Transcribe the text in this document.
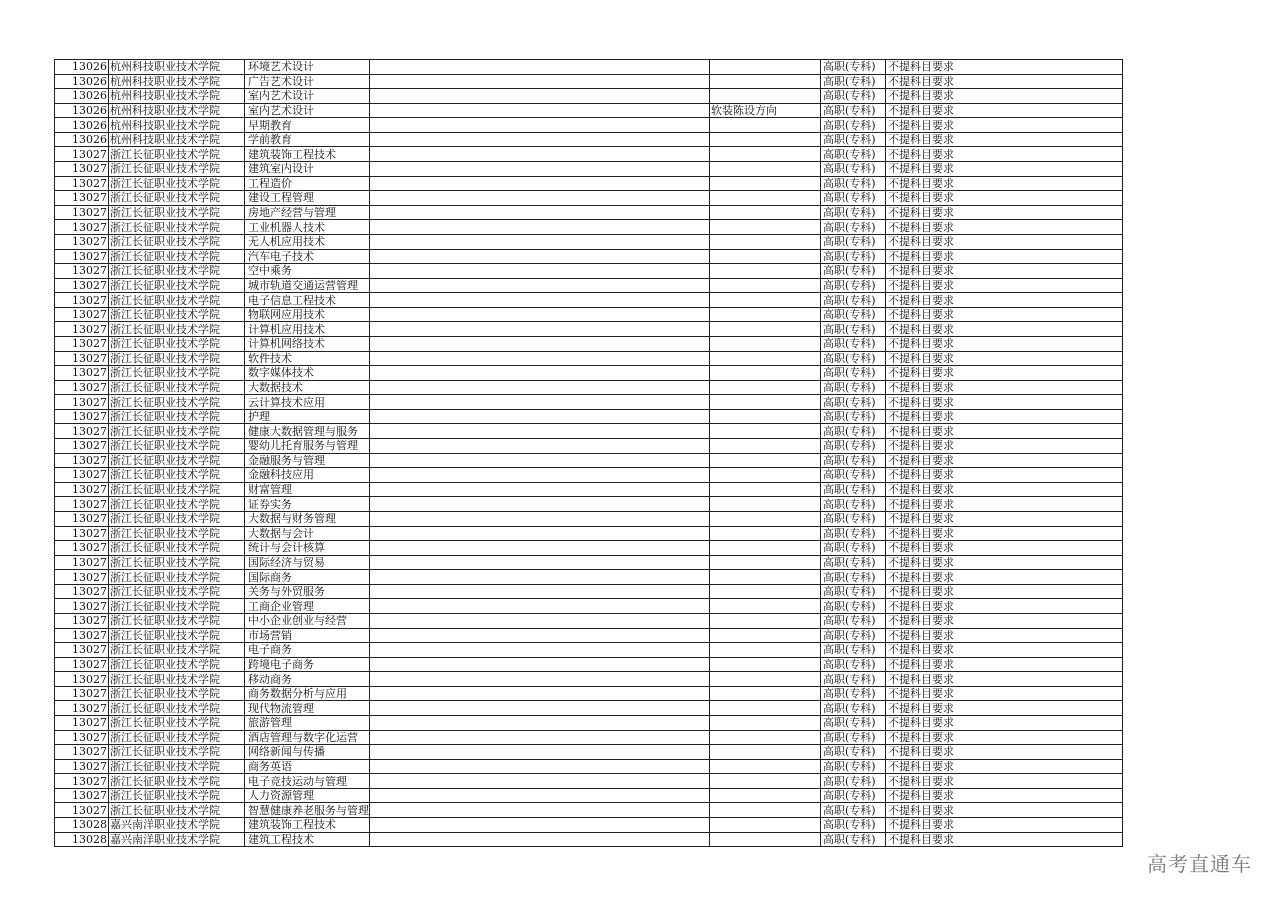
13026	杭州科技职业技术学院	环境艺术设计			高职(专科)	不提科目要求
13026	杭州科技职业技术学院	广告艺术设计			高职(专科)	不提科目要求
13026	杭州科技职业技术学院	室内艺术设计			高职(专科)	不提科目要求
13026	杭州科技职业技术学院	室内艺术设计		软装陈设方向	高职(专科)	不提科目要求
13026	杭州科技职业技术学院	早期教育			高职(专科)	不提科目要求
13026	杭州科技职业技术学院	学前教育			高职(专科)	不提科目要求
13027	浙江长征职业技术学院	建筑装饰工程技术			高职(专科)	不提科目要求
13027	浙江长征职业技术学院	建筑室内设计			高职(专科)	不提科目要求
13027	浙江长征职业技术学院	工程造价			高职(专科)	不提科目要求
13027	浙江长征职业技术学院	建设工程管理			高职(专科)	不提科目要求
13027	浙江长征职业技术学院	房地产经营与管理			高职(专科)	不提科目要求
13027	浙江长征职业技术学院	工业机器人技术			高职(专科)	不提科目要求
13027	浙江长征职业技术学院	无人机应用技术			高职(专科)	不提科目要求
13027	浙江长征职业技术学院	汽车电子技术			高职(专科)	不提科目要求
13027	浙江长征职业技术学院	空中乘务			高职(专科)	不提科目要求
13027	浙江长征职业技术学院	城市轨道交通运营管理			高职(专科)	不提科目要求
13027	浙江长征职业技术学院	电子信息工程技术			高职(专科)	不提科目要求
13027	浙江长征职业技术学院	物联网应用技术			高职(专科)	不提科目要求
13027	浙江长征职业技术学院	计算机应用技术			高职(专科)	不提科目要求
13027	浙江长征职业技术学院	计算机网络技术			高职(专科)	不提科目要求
13027	浙江长征职业技术学院	软件技术			高职(专科)	不提科目要求
13027	浙江长征职业技术学院	数字媒体技术			高职(专科)	不提科目要求
13027	浙江长征职业技术学院	大数据技术			高职(专科)	不提科目要求
13027	浙江长征职业技术学院	云计算技术应用			高职(专科)	不提科目要求
13027	浙江长征职业技术学院	护理			高职(专科)	不提科目要求
13027	浙江长征职业技术学院	健康大数据管理与服务			高职(专科)	不提科目要求
13027	浙江长征职业技术学院	婴幼儿托育服务与管理			高职(专科)	不提科目要求
13027	浙江长征职业技术学院	金融服务与管理			高职(专科)	不提科目要求
13027	浙江长征职业技术学院	金融科技应用			高职(专科)	不提科目要求
13027	浙江长征职业技术学院	财富管理			高职(专科)	不提科目要求
13027	浙江长征职业技术学院	证券实务			高职(专科)	不提科目要求
13027	浙江长征职业技术学院	大数据与财务管理			高职(专科)	不提科目要求
13027	浙江长征职业技术学院	大数据与会计			高职(专科)	不提科目要求
13027	浙江长征职业技术学院	统计与会计核算			高职(专科)	不提科目要求
13027	浙江长征职业技术学院	国际经济与贸易			高职(专科)	不提科目要求
13027	浙江长征职业技术学院	国际商务			高职(专科)	不提科目要求
13027	浙江长征职业技术学院	关务与外贸服务			高职(专科)	不提科目要求
13027	浙江长征职业技术学院	工商企业管理			高职(专科)	不提科目要求
13027	浙江长征职业技术学院	中小企业创业与经营			高职(专科)	不提科目要求
13027	浙江长征职业技术学院	市场营销			高职(专科)	不提科目要求
13027	浙江长征职业技术学院	电子商务			高职(专科)	不提科目要求
13027	浙江长征职业技术学院	跨境电子商务			高职(专科)	不提科目要求
13027	浙江长征职业技术学院	移动商务			高职(专科)	不提科目要求
13027	浙江长征职业技术学院	商务数据分析与应用			高职(专科)	不提科目要求
13027	浙江长征职业技术学院	现代物流管理			高职(专科)	不提科目要求
13027	浙江长征职业技术学院	旅游管理			高职(专科)	不提科目要求
13027	浙江长征职业技术学院	酒店管理与数字化运营			高职(专科)	不提科目要求
13027	浙江长征职业技术学院	网络新闻与传播			高职(专科)	不提科目要求
13027	浙江长征职业技术学院	商务英语			高职(专科)	不提科目要求
13027	浙江长征职业技术学院	电子竞技运动与管理			高职(专科)	不提科目要求
13027	浙江长征职业技术学院	人力资源管理			高职(专科)	不提科目要求
13027	浙江长征职业技术学院	智慧健康养老服务与管理			高职(专科)	不提科目要求
13028	嘉兴南洋职业技术学院	建筑装饰工程技术			高职(专科)	不提科目要求
13028	嘉兴南洋职业技术学院	建筑工程技术			高职(专科)	不提科目要求
高考直通车
